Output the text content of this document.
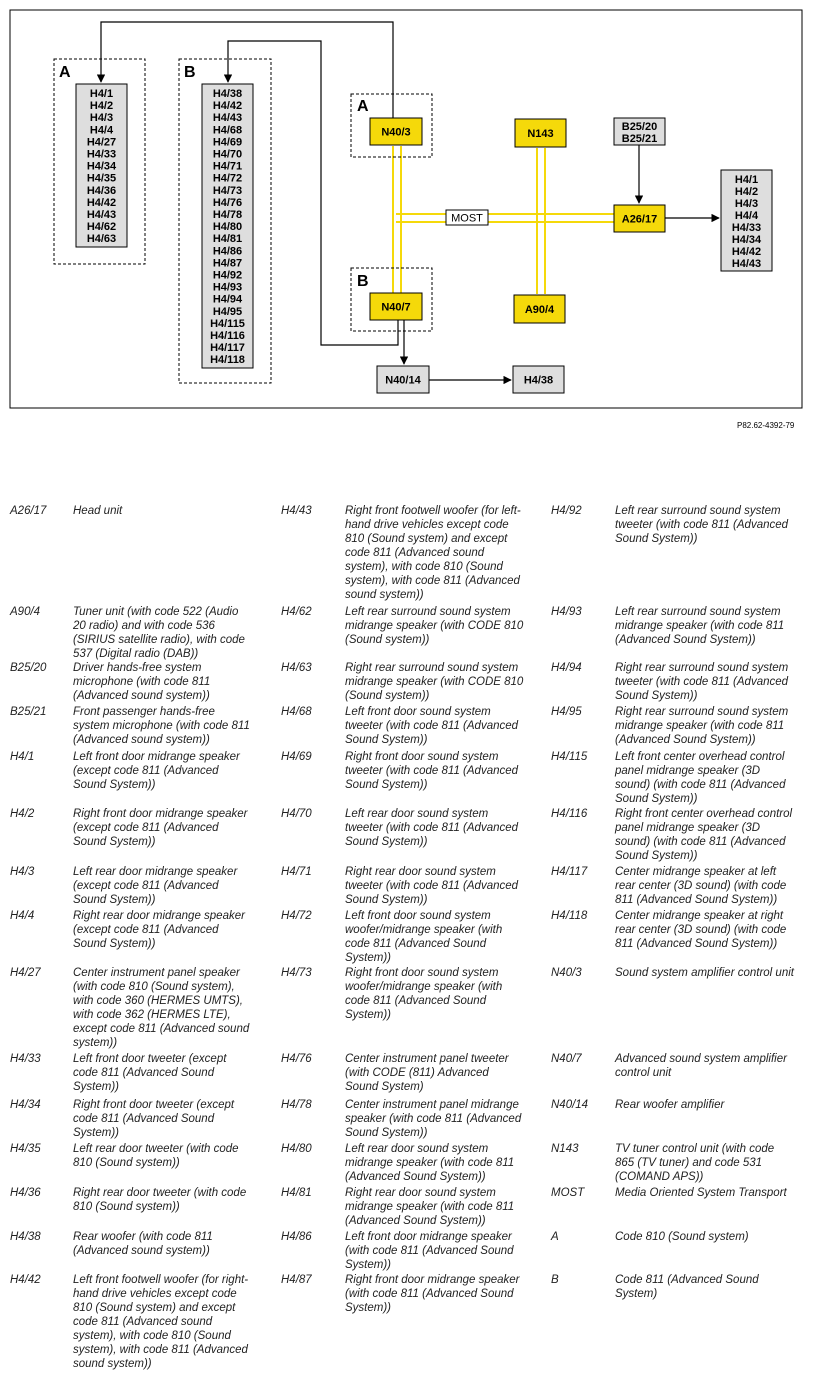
MOST
A
H4/1
H4/2
H4/3
H4/4
H4/27
H4/33
H4/34
H4/35
H4/36
H4/42
H4/43
H4/62
H4/63
B
H4/38
H4/42
H4/43
H4/68
H4/69
H4/70
H4/71
H4/72
H4/73
H4/76
H4/78
H4/80
H4/81
H4/86
H4/87
H4/92
H4/93
H4/94
H4/95
H4/115
H4/116
H4/117
H4/118
A
N40/3
B
N40/7
N143
A90/4
A26/17
B25/20
B25/21
H4/1
H4/2
H4/3
H4/4
H4/33
H4/34
H4/42
H4/43
N40/14	H4/38
P82.62-4392-79
A26/17 Head unit
A90/4	Tuner unit (with code 522 (Audio
20 radio) and with code 536
(SIRIUS satellite radio), with code
537 (Digital radio (DAB))
B25/20 Driver hands-free system
microphone (with code 811
(Advanced sound system))
B25/21 Front passenger hands-free
system microphone (with code 811
(Advanced sound system))
H4/1	Left front door midrange speaker
(except code 811 (Advanced
Sound System))
H4/2	Right front door midrange speaker
(except code 811 (Advanced
Sound System))
H4/3	Left rear door midrange speaker
(except code 811 (Advanced
Sound System))
H4/4	Right rear door midrange speaker
(except code 811 (Advanced
Sound System))
H4/27	Center instrument panel speaker
(with code 810 (Sound system),
with code 360 (HERMES UMTS),
with code 362 (HERMES LTE),
except code 811 (Advanced sound
system))
H4/33	Left front door tweeter (except
code 811 (Advanced Sound
System))
H4/34	Right front door tweeter (except
code 811 (Advanced Sound
System))
H4/35	Left rear door tweeter (with code
810 (Sound system))
H4/36	Right rear door tweeter (with code
810 (Sound system))
H4/38	Rear woofer (with code 811
(Advanced sound system))
H4/42	Left front footwell woofer (for right-
hand drive vehicles except code
810 (Sound system) and except
code 811 (Advanced sound
system), with code 810 (Sound
system), with code 811 (Advanced
sound system))
H4/43	Right front footwell woofer (for left-
hand drive vehicles except code
810 (Sound system) and except
code 811 (Advanced sound
system), with code 810 (Sound
system), with code 811 (Advanced
sound system))
H4/62	Left rear surround sound system
midrange speaker (with CODE 810
(Sound system))
H4/63	Right rear surround sound system
midrange speaker (with CODE 810
(Sound system))
H4/68	Left front door sound system
tweeter (with code 811 (Advanced
Sound System))
H4/69	Right front door sound system
tweeter (with code 811 (Advanced
Sound System))
H4/70	Left rear door sound system
tweeter (with code 811 (Advanced
Sound System))
H4/71	Right rear door sound system
tweeter (with code 811 (Advanced
Sound System))
H4/72	Left front door sound system
woofer/midrange speaker (with
code 811 (Advanced Sound
System))
H4/73	Right front door sound system
woofer/midrange speaker (with
code 811 (Advanced Sound
System))
H4/76	Center instrument panel tweeter
(with CODE (811) Advanced
Sound System)
H4/78	Center instrument panel midrange
speaker (with code 811 (Advanced
Sound System))
H4/80	Left rear door sound system
midrange speaker (with code 811
(Advanced Sound System))
H4/81	Right rear door sound system
midrange speaker (with code 811
(Advanced Sound System))
H4/86	Left front door midrange speaker
(with code 811 (Advanced Sound
System))
H4/87	Right front door midrange speaker
(with code 811 (Advanced Sound
System))
H4/92	Left rear surround sound system
tweeter (with code 811 (Advanced
Sound System))
H4/93	Left rear surround sound system
midrange speaker (with code 811
(Advanced Sound System))
H4/94	Right rear surround sound system
tweeter (with code 811 (Advanced
Sound System))
H4/95	Right rear surround sound system
midrange speaker (with code 811
(Advanced Sound System))
H4/115 Left front center overhead control
panel midrange speaker (3D
sound) (with code 811 (Advanced
Sound System))
H4/116 Right front center overhead control
panel midrange speaker (3D
sound) (with code 811 (Advanced
Sound System))
H4/117 Center midrange speaker at left
rear center (3D sound) (with code
811 (Advanced Sound System))
H4/118 Center midrange speaker at right
rear center (3D sound) (with code
811 (Advanced Sound System))
N40/3	Sound system amplifier control unit
N40/7	Advanced sound system amplifier
control unit
N40/14 Rear woofer amplifier
N143	TV tuner control unit (with code
865 (TV tuner) and code 531
(COMAND APS))
MOST	Media Oriented System Transport
A	Code 810 (Sound system)
B	Code 811 (Advanced Sound
System)
